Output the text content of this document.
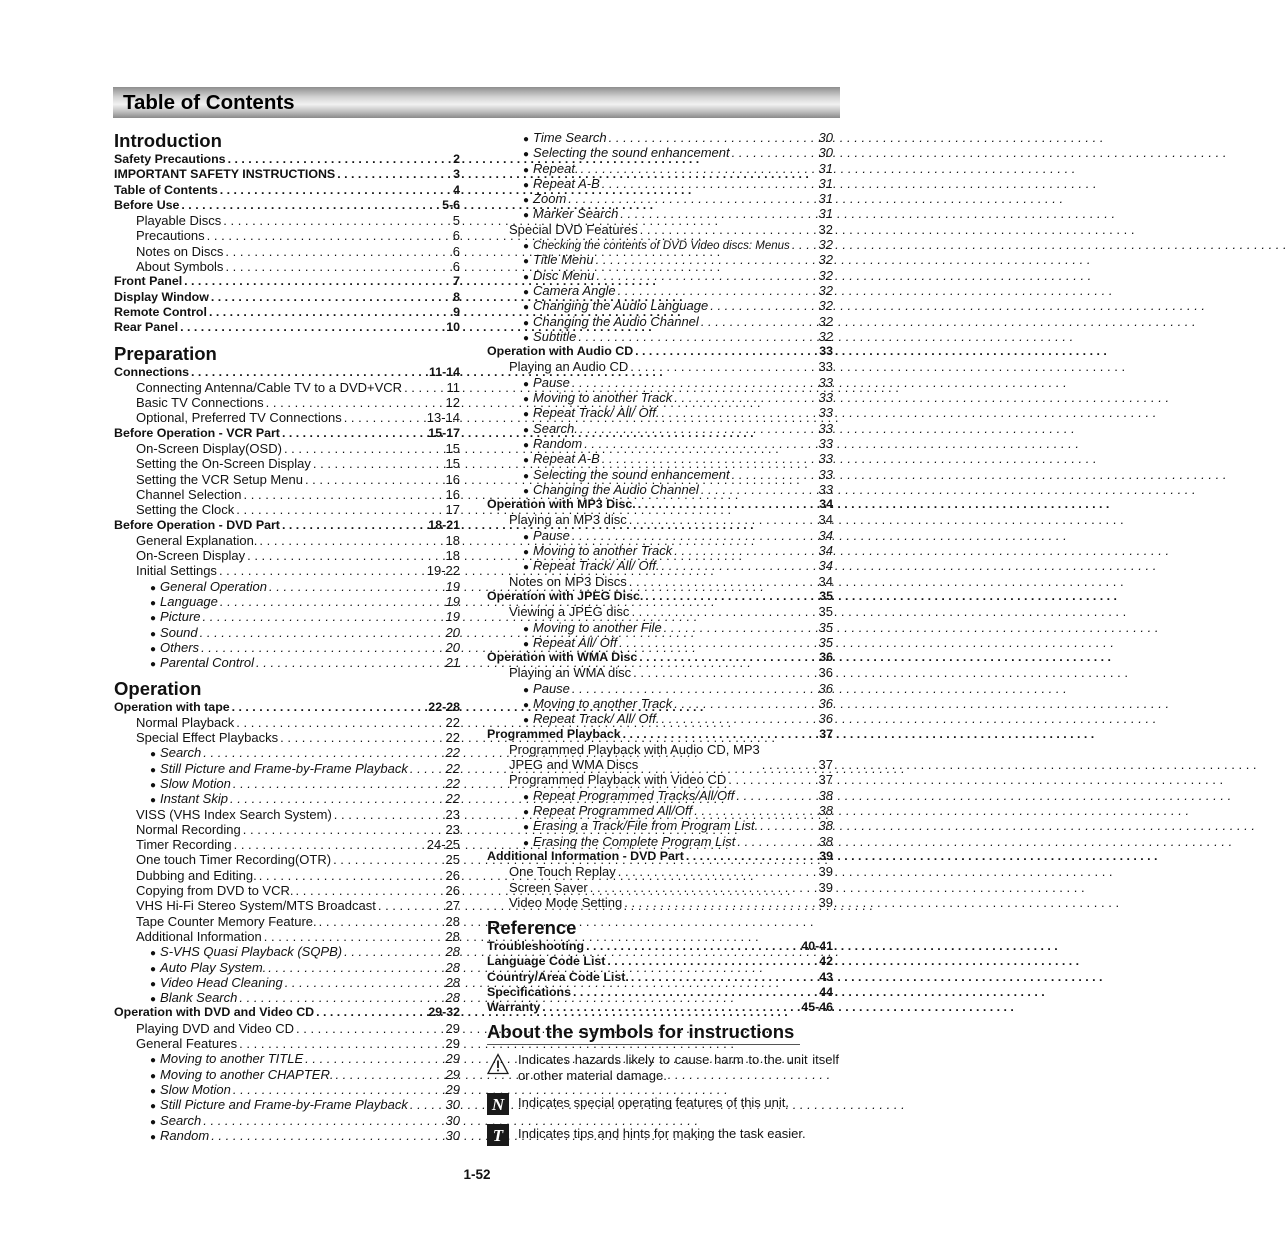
Table of Contents
Introduction
Safety Precautions . . .	2
IMPORTANT SAFETY INSTRUCTIONS . . .	3
Table of Contents . . .	4
Before Use . . .	5-6
Playable Discs . . .	5
Precautions . . .	6
Notes on Discs . . .	6
About Symbols . . .	6
Front Panel . . .	7
Display Window . . .	8
Remote Control . . .	9
Rear Panel . . .	10
Preparation
Connections . . .	11-14
Connecting Antenna/Cable TV to a DVD+VCR . . .	11
Basic TV Connections . . .	12
Optional, Preferred TV Connections . . .	13-14
Before Operation - VCR Part . . .	15-17
On-Screen Display(OSD) . . .	15
Setting the On-Screen Display . . .	15
Setting the VCR Setup Menu . . .	16
Channel Selection . . .	16
Setting the Clock . . .	17
Before Operation - DVD Part . . .	18-21
General Explanation. . . .	18
On-Screen Display . . .	18
Initial Settings . . .	19-22
● General Operation . . .	19
● Language . . .	19
● Picture . . .	19
● Sound . . .	20
● Others . . .	20
● Parental Control . . .	21
Operation
Operation with tape . . .	22-28
Normal Playback . . .	22
Special Effect Playbacks . . .	22
● Search . . .	22
● Still Picture and Frame-by-Frame Playback . . .	22
● Slow Motion . . .	22
● Instant Skip . . .	22
VISS (VHS Index Search System) . . .	23
Normal Recording . . .	23
Timer Recording . . .	24-25
One touch Timer Recording(OTR) . . .	25
Dubbing and Editing. . . .	26
Copying from DVD to VCR. . . .	26
VHS Hi-Fi Stereo System/MTS Broadcast . . .	27
Tape Counter Memory Feature. . . .	28
Additional Information . . .	28
● S-VHS Quasi Playback (SQPB) . . .	28
● Auto Play System. . . .	28
● Video Head Cleaning . . .	28
● Blank Search . . .	28
Operation with DVD and Video CD . . .	29-32
Playing DVD and Video CD . . .	29
General Features . . .	29
● Moving to another TITLE . . .	29
● Moving to another CHAPTER. . . .	29
● Slow Motion . . .	29
● Still Picture and Frame-by-Frame Playback . . .	30
● Search . . .	30
● Random . . .	30
● Time Search . . .	30
● Selecting the sound enhancement . . .	30
● Repeat. . . .	31
● Repeat A-B . . .	31
● Zoom . . .	31
● Marker Search . . .	31
Special DVD Features . . .	32
● Checking the contents of DVD Video discs: Menus . . . 32
● Title Menu . . .	32
● Disc Menu . . .	32
● Camera Angle . . .	32
● Changing the Audio Language . . .	32
● Changing the Audio Channel . . .	32
● Subtitle . . .	32
Operation with Audio CD . . .	33
Playing an Audio CD . . .	33
● Pause . . .	33
● Moving to another Track . . .	33
● Repeat Track/ All/ Off. . . .	33
● Search. . . .	33
● Random . . .	33
● Repeat A-B . . .	33
● Selecting the sound enhancement . . .	33
● Changing the Audio Channel . . .	33
Operation with MP3 Disc. . . .	34
Playing an MP3 disc . . .	34
● Pause . . .	34
● Moving to another Track . . .	34
● Repeat Track/ All/ Off. . . .	34
Notes on MP3 Discs . . .	34
Operation with JPEG Disc. . . .	35
Viewing a JPEG disc . . .	35
● Moving to another File . . .	35
● Repeat All/ Off . . .	35
Operation with WMA Disc . . .	36
Playing an WMA disc . . .	36
● Pause . . .	36
● Moving to another Track . . .	36
● Repeat Track/ All/ Off. . . .	36
Programmed Playback . . .	37
Programmed Playback with Audio CD, MP3
JPEG and WMA Discs . . .	37
Programmed Playback with Video CD . . .	37
● Repeat Programmed Tracks/All/Off . . .	38
● Repeat Programmed All/Off . . .	38
● Erasing a Track/File from Program List. . . .	38
● Erasing the Complete Program List . . .	38
Additional Information - DVD Part . . .	39
One Touch Replay . . .	39
Screen Saver . . .	39
Video Mode Setting . . .	39
Reference
Troubleshooting . . .	40-41
Language Code List . . .	42
Country/Area Code List. . . .	43
Specifications . . .	44
Warranty . . .	45-46
About the symbols for instructions
Indicates hazards likely to cause harm to the unit itself or other material damage.
N Indicates special operating features of this unit.
T Indicates tips and hints for making the task easier.
1-52
